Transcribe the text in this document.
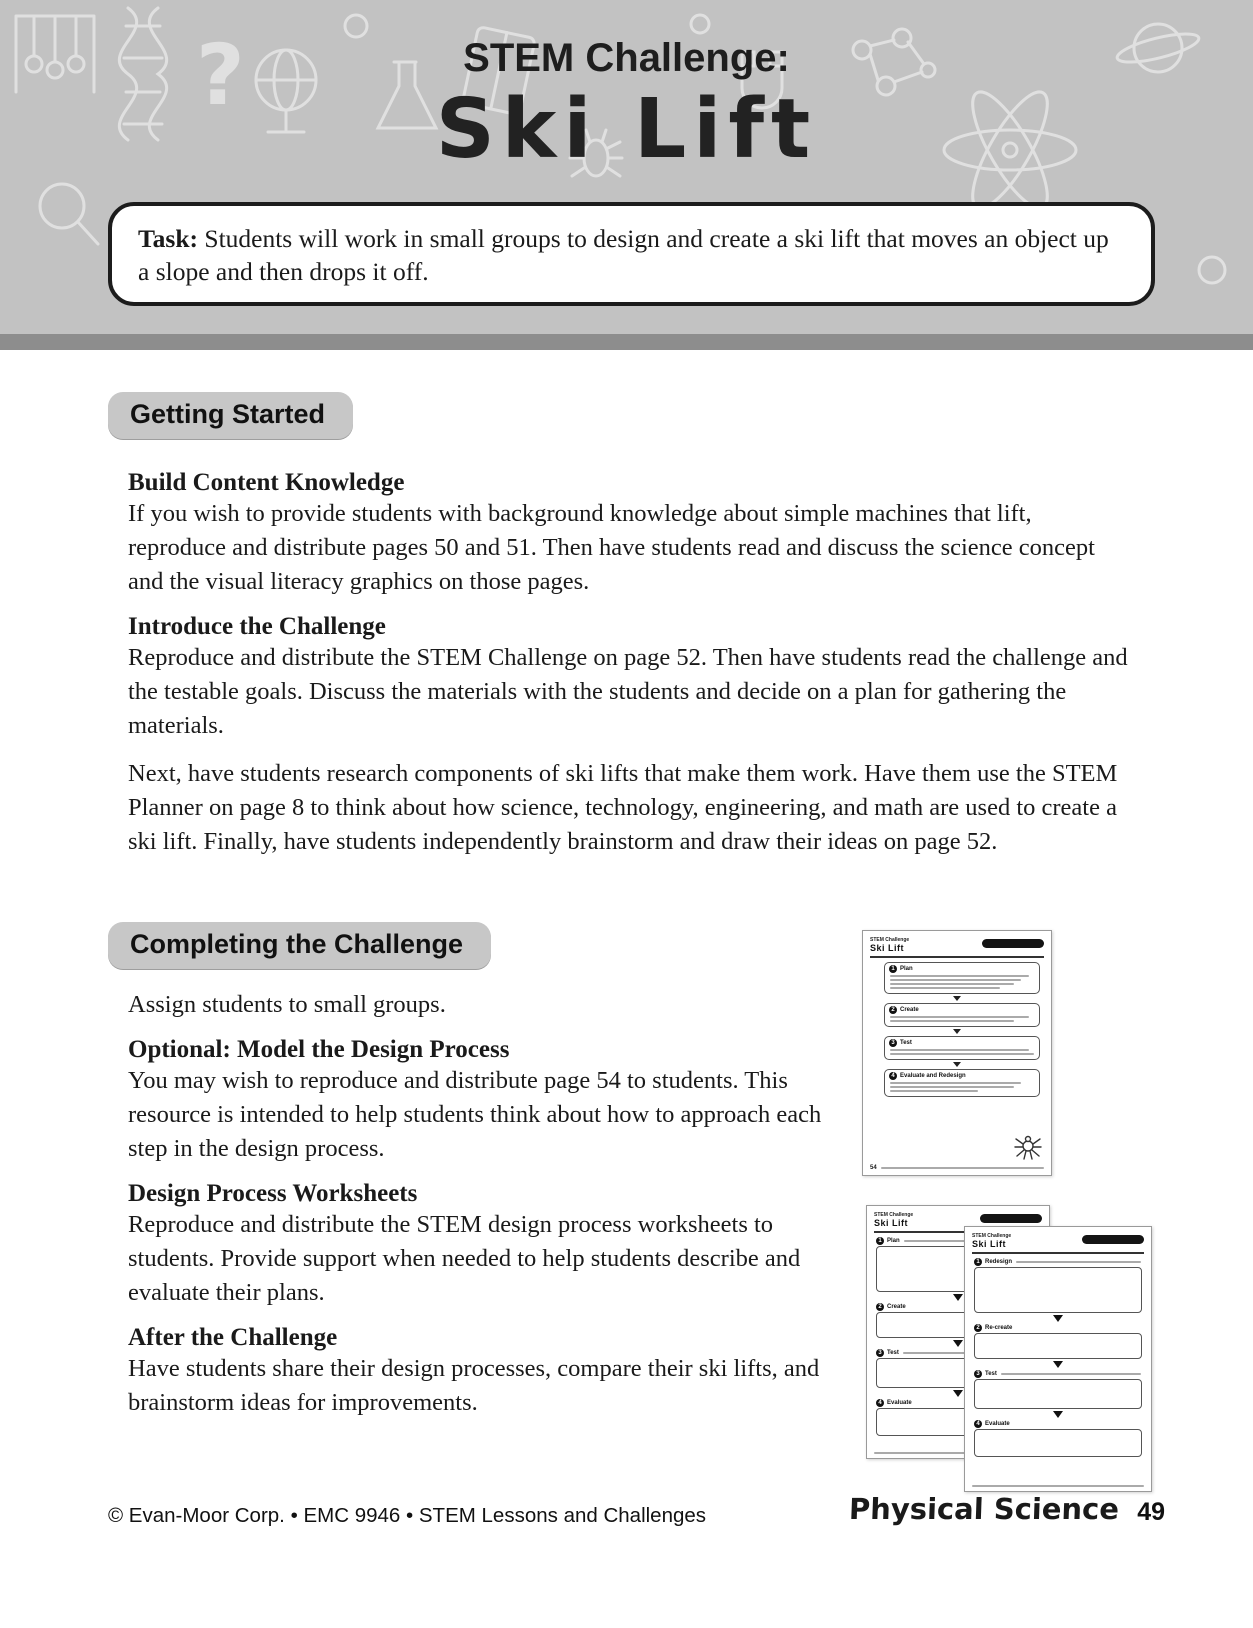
?	STEM Challenge:
Ski Lift
Task: Students will work in small groups to design and create a ski lift that moves an object up a slope and then drops it off.
Getting Started
Build Content Knowledge

If you wish to provide students with background knowledge about simple machines that lift, reproduce and distribute pages 50 and 51. Then have students read and discuss the science concept and the visual literacy graphics on those pages.

Introduce the Challenge

Reproduce and distribute the STEM Challenge on page 52. Then have students read the challenge and the testable goals. Discuss the materials with the students and decide on a plan for gathering the materials.

Next, have students research components of ski lifts that make them work. Have them use the STEM Planner on page 8 to think about how science, technology, engineering, and math are used to create a ski lift. Finally, have students independently brainstorm and draw their ideas on page 52.

Completing the Challenge

Assign students to small groups.

Optional: Model the Design Process

You may wish to reproduce and distribute page 54 to students. This resource is intended to help students think about how to approach each step in the design process.

Design Process Worksheets

Reproduce and distribute the STEM design process worksheets to students. Provide support when needed to help students describe and evaluate their plans.

After the Challenge

Have students share their design processes, compare their ski lifts, and brainstorm ideas for improvements.

STEM Challenge
Ski Lift
1 Plan
2 Create
3 Test
4 Evaluate and Redesign
54
STEM Challenge
Ski Lift
1 Plan
2 Create
3 Test
4 Evaluate
STEM Challenge
Ski Lift
1 Redesign
2 Re-create
3 Test
4 Evaluate
© Evan-Moor Corp. • EMC 9946 • STEM Lessons and Challenges	Physical Science 49
